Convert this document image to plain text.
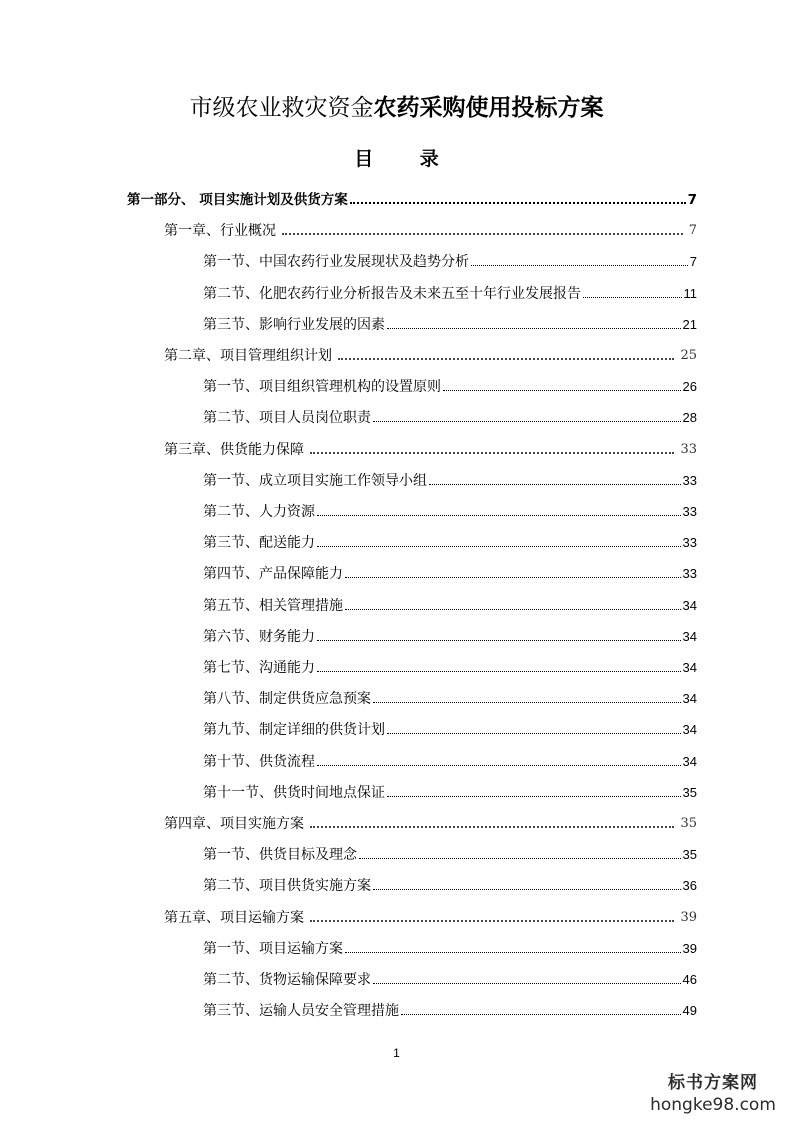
市级农业救灾资金农药采购使用投标方案
目 录
第一部分、 项目实施计划及供货方案	7
第一章、行业概况	7
第一节、中国农药行业发展现状及趋势分析	7
第二节、化肥农药行业分析报告及未来五至十年行业发展报告	11
第三节、影响行业发展的因素	21
第二章、项目管理组织计划	25
第一节、项目组织管理机构的设置原则	26
第二节、项目人员岗位职责	28
第三章、供货能力保障	33
第一节、成立项目实施工作领导小组	33
第二节、人力资源	33
第三节、配送能力	33
第四节、产品保障能力	33
第五节、相关管理措施	34
第六节、财务能力	34
第七节、沟通能力	34
第八节、制定供货应急预案	34
第九节、制定详细的供货计划	34
第十节、供货流程	34
第十一节、供货时间地点保证	35
第四章、项目实施方案	35
第一节、供货目标及理念	35
第二节、项目供货实施方案	36
第五章、项目运输方案	39
第一节、项目运输方案	39
第二节、货物运输保障要求	46
第三节、运输人员安全管理措施	49
1
标书方案网
hongke98.com
